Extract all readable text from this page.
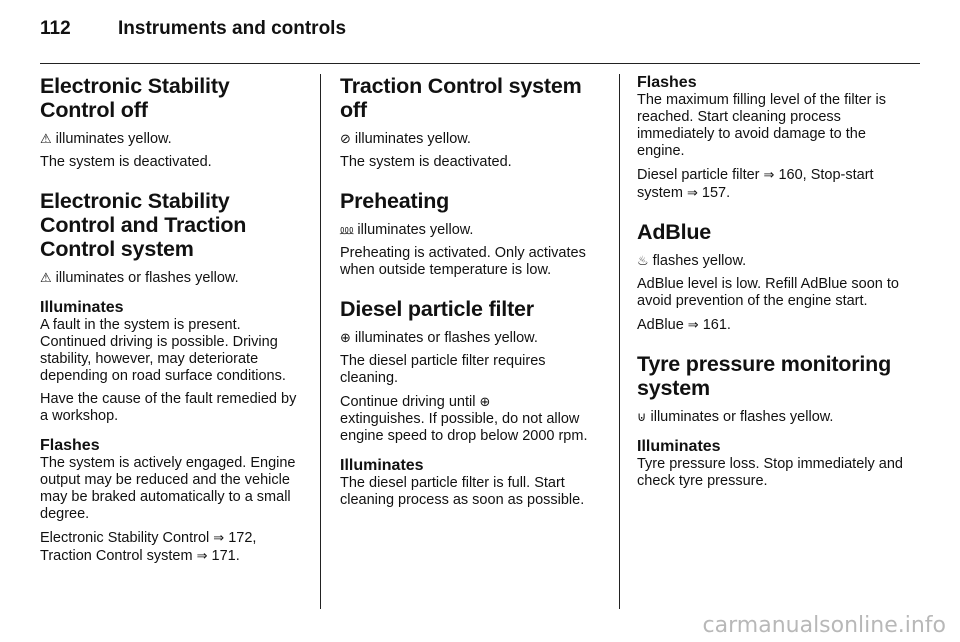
112	Instruments and controls
Electronic Stability Control off

⚠ illuminates yellow.

The system is deactivated.

Electronic Stability Control and Traction Control system

⚠ illuminates or flashes yellow.

Illuminates

A fault in the system is present. Continued driving is possible. Driving stability, however, may deteriorate depending on road surface conditions.

Have the cause of the fault remedied by a workshop.

Flashes

The system is actively engaged. Engine output may be reduced and the vehicle may be braked automatically to a small degree.

Electronic Stability Control ⇒ 172, Traction Control system ⇒ 171.

Traction Control system off

⊘ illuminates yellow.

The system is deactivated.

Preheating

⅏ illuminates yellow.

Preheating is activated. Only activates when outside temperature is low.

Diesel particle filter

⊕ illuminates or flashes yellow.

The diesel particle filter requires cleaning.

Continue driving until ⊕
extinguishes. If possible, do not allow engine speed to drop below 2000 rpm.

Illuminates

The diesel particle filter is full. Start cleaning process as soon as possible.

Flashes

The maximum filling level of the filter is reached. Start cleaning process immediately to avoid damage to the engine.

Diesel particle filter ⇒ 160, Stop-start system ⇒ 157.

AdBlue

♨ flashes yellow.

AdBlue level is low. Refill AdBlue soon to avoid prevention of the engine start.

AdBlue ⇒ 161.

Tyre pressure monitoring system

⊍ illuminates or flashes yellow.

Illuminates

Tyre pressure loss. Stop immediately and check tyre pressure.

carmanualsonline.info
